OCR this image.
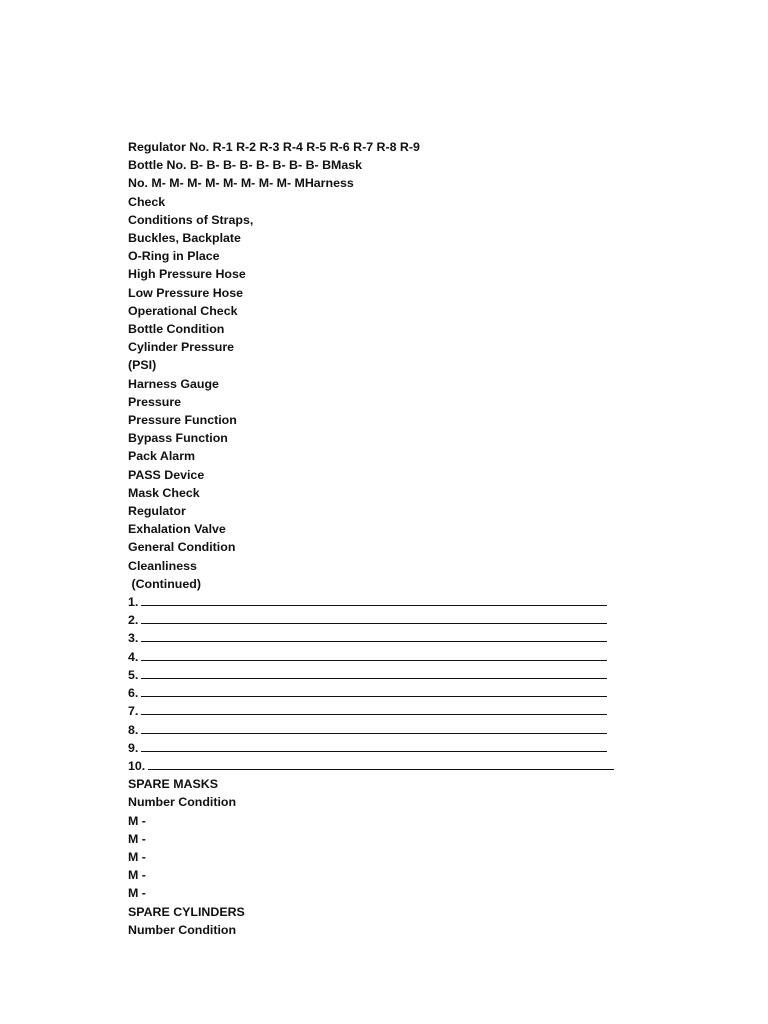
Regulator No. R-1 R-2 R-3 R-4 R-5 R-6 R-7 R-8 R-9
Bottle No. B- B- B- B- B- B- B- B- BMask
No. M- M- M- M- M- M- M- M- MHarness
Check
Conditions of Straps,
Buckles, Backplate
O-Ring in Place
High Pressure Hose
Low Pressure Hose
Operational Check
Bottle Condition
Cylinder Pressure
(PSI)
Harness Gauge
Pressure
Pressure Function
Bypass Function
Pack Alarm
PASS Device
Mask Check
Regulator
Exhalation Valve
General Condition
Cleanliness
(Continued)
1.
2.
3.
4.
5.
6.
7.
8.
9.
10.
SPARE MASKS
Number Condition
M -
M -
M -
M -
M -
SPARE CYLINDERS
Number Condition
